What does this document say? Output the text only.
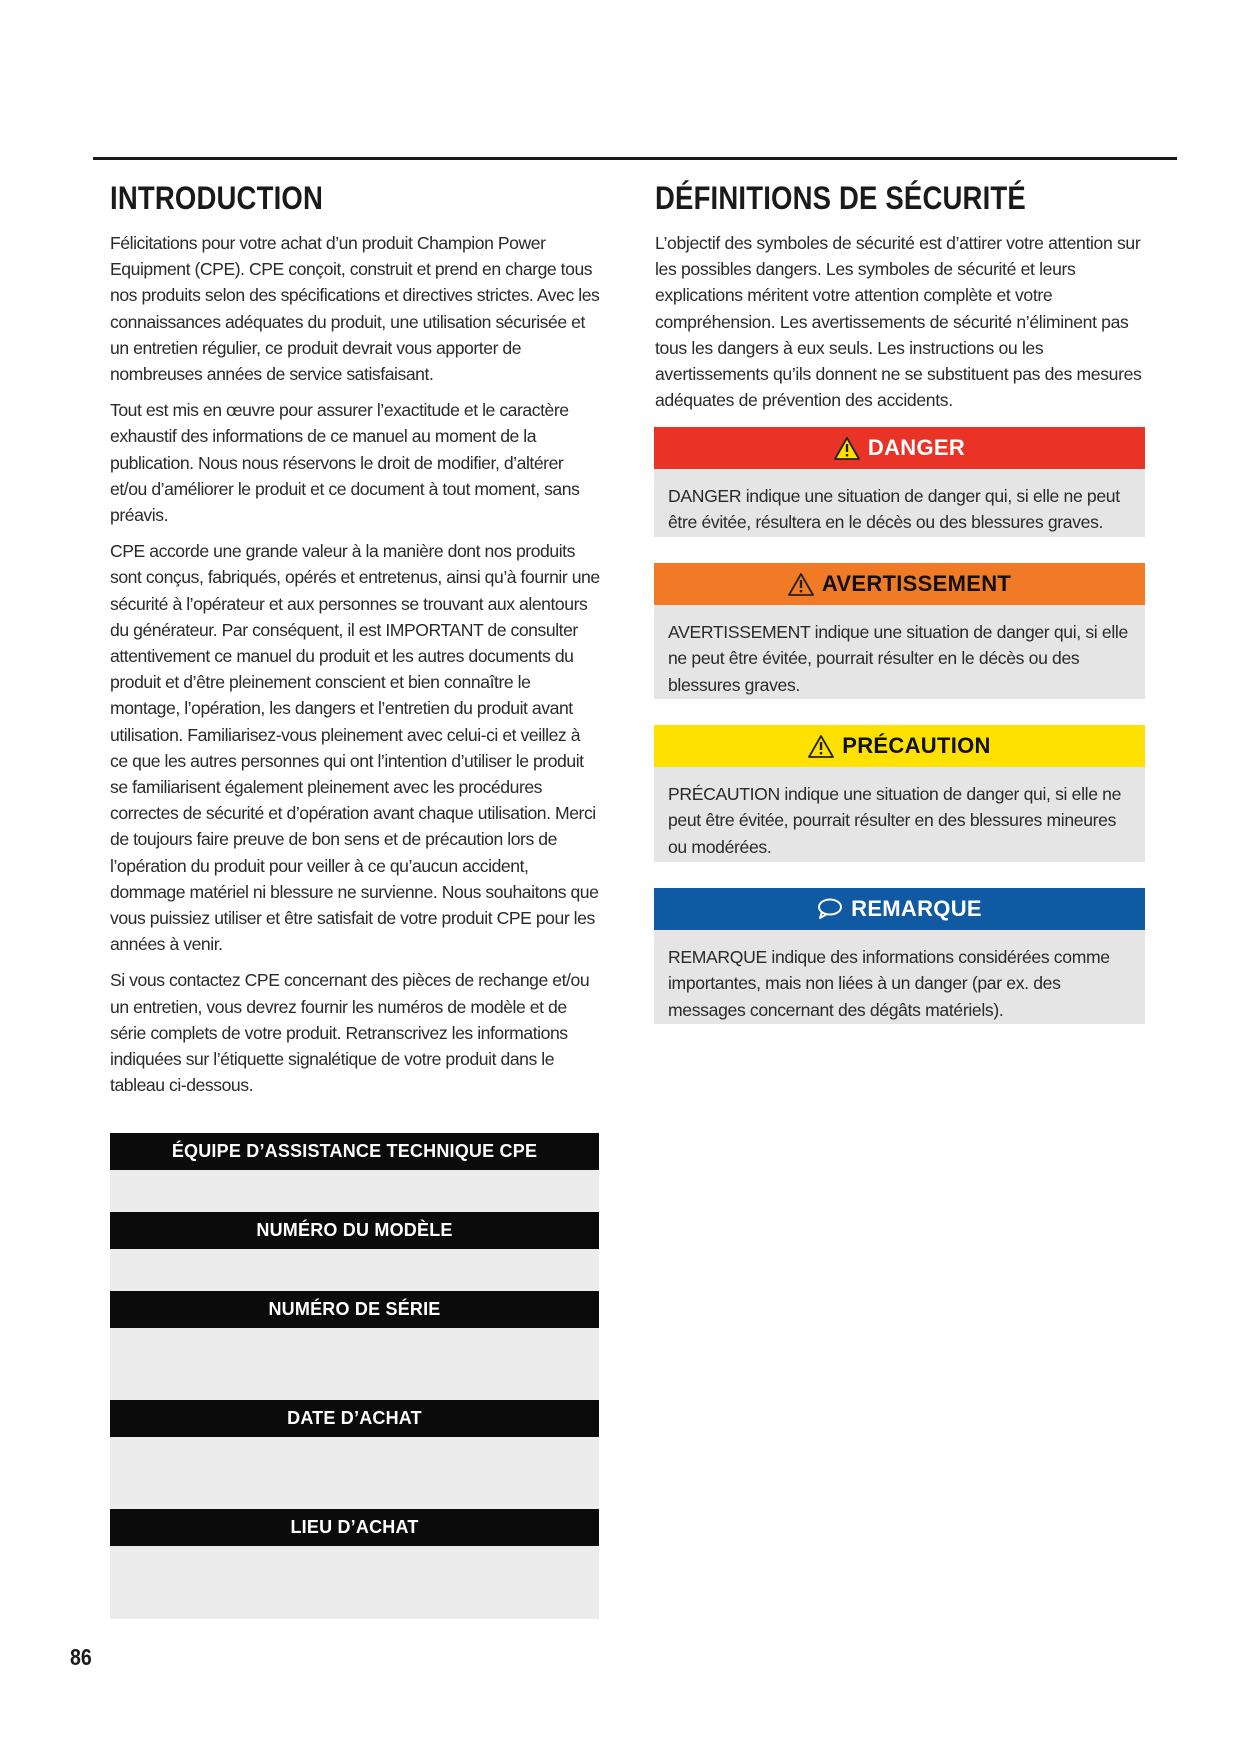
INTRODUCTION

Félicitations pour votre achat d’un produit Champion Power Equipment (CPE). CPE conçoit, construit et prend en charge tous nos produits selon des spécifications et directives strictes. Avec les connaissances adéquates du produit, une utilisation sécurisée et un entretien régulier, ce produit devrait vous apporter de nombreuses années de service satisfaisant.

Tout est mis en œuvre pour assurer l’exactitude et le caractère exhaustif des informations de ce manuel au moment de la publication. Nous nous réservons le droit de modifier, d’altérer et/ou d’améliorer le produit et ce document à tout moment, sans préavis.

CPE accorde une grande valeur à la manière dont nos produits sont conçus, fabriqués, opérés et entretenus, ainsi qu’à fournir une sécurité à l’opérateur et aux personnes se trouvant aux alentours du générateur. Par conséquent, il est IMPORTANT de consulter attentivement ce manuel du produit et les autres documents du produit et d’être pleinement conscient et bien connaître le montage, l’opération, les dangers et l’entretien du produit avant utilisation. Familiarisez-vous pleinement avec celui-ci et veillez à ce que les autres personnes qui ont l’intention d’utiliser le produit se familiarisent également pleinement avec les procédures correctes de sécurité et d’opération avant chaque utilisation. Merci de toujours faire preuve de bon sens et de précaution lors de l’opération du produit pour veiller à ce qu’aucun accident, dommage matériel ni blessure ne survienne. Nous souhaitons que vous puissiez utiliser et être satisfait de votre produit CPE pour les années à venir.

Si vous contactez CPE concernant des pièces de rechange et/ou un entretien, vous devrez fournir les numéros de modèle et de série complets de votre produit. Retranscrivez les informations indiquées sur l’étiquette signalétique de votre produit dans le tableau ci-dessous.

ÉQUIPE D’ASSISTANCE TECHNIQUE CPE
NUMÉRO DU MODÈLE
NUMÉRO DE SÉRIE
DATE D’ACHAT
LIEU D’ACHAT
DÉFINITIONS DE SÉCURITÉ

L’objectif des symboles de sécurité est d’attirer votre attention sur les possibles dangers. Les symboles de sécurité et leurs explications méritent votre attention complète et votre compréhension. Les avertissements de sécurité n’éliminent pas tous les dangers à eux seuls. Les instructions ou les avertissements qu’ils donnent ne se substituent pas des mesures adéquates de prévention des accidents.

DANGER
DANGER indique une situation de danger qui, si elle ne peut être évitée, résultera en le décès ou des blessures graves.
AVERTISSEMENT
AVERTISSEMENT indique une situation de danger qui, si elle ne peut être évitée, pourrait résulter en le décès ou des blessures graves.
PRÉCAUTION
PRÉCAUTION indique une situation de danger qui, si elle ne peut être évitée, pourrait résulter en des blessures mineures ou modérées.
REMARQUE
REMARQUE indique des informations considérées comme importantes, mais non liées à un danger (par ex. des messages concernant des dégâts matériels).
86
